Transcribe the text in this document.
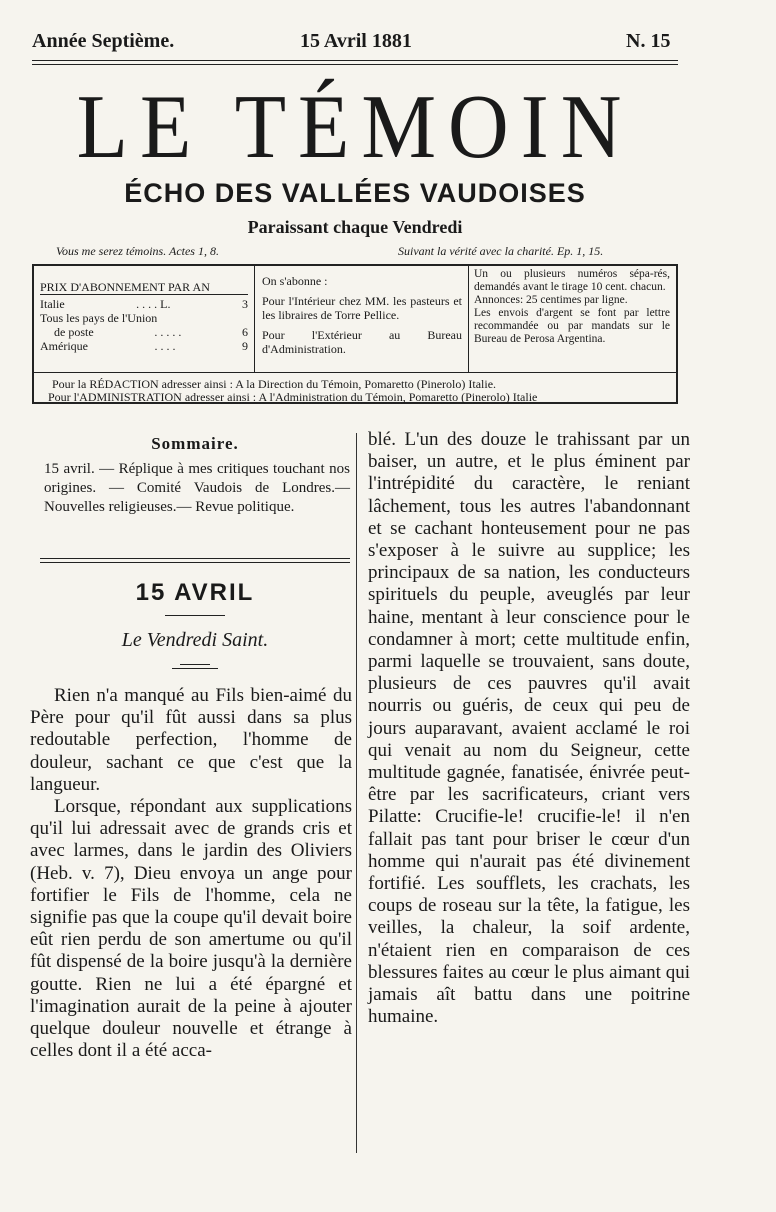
Année Septième.	15 Avril 1881	N. 15
LE TÉMOIN
ÉCHO DES VALLÉES VAUDOISES
Paraissant chaque Vendredi
Vous me serez témoins. Actes 1, 8.	Suivant la vérité avec la charité. Ep. 1, 15.
PRIX D'ABONNEMENT PAR AN
Italie	. . . . L.	3
Tous les pays de l'Union
de poste	. . . . .	6
Amérique	. . . .	9
On s'abonne :
Pour l'Intérieur chez MM. les pasteurs et les libraires de Torre Pellice.
Pour l'Extérieur au Bureau d'Administration.
Un ou plusieurs numéros sépa-rés, demandés avant le tirage 10 cent. chacun.
Annonces: 25 centimes par ligne.
Les envois d'argent se font par lettre recommandée ou par mandats sur le Bureau de Perosa Argentina.
Pour la RÉDACTION adresser ainsi : A la Direction du Témoin, Pomaretto (Pinerolo) Italie.
Pour l'ADMINISTRATION adresser ainsi : A l'Administration du Témoin, Pomaretto (Pinerolo) Italie
Sommaire.
15 avril. — Réplique à mes critiques touchant nos origines. — Comité Vaudois de Londres.— Nouvelles religieuses.— Revue politique.
15 AVRIL
Le Vendredi Saint.

Rien n'a manqué au Fils bien-aimé du Père pour qu'il fût aussi dans sa plus redoutable perfection, l'homme de douleur, sachant ce que c'est que la langueur.

Lorsque, répondant aux supplications qu'il lui adressait avec de grands cris et avec larmes, dans le jardin des Oliviers (Heb. v. 7), Dieu envoya un ange pour fortifier le Fils de l'homme, cela ne signifie pas que la coupe qu'il devait boire eût rien perdu de son amertume ou qu'il fût dispensé de la boire jusqu'à la dernière goutte. Rien ne lui a été épargné et l'imagination aurait de la peine à ajouter quelque douleur nouvelle et étrange à celles dont il a été acca-

blé. L'un des douze le trahissant par un baiser, un autre, et le plus éminent par l'intrépidité du caractère, le reniant lâchement, tous les autres l'abandonnant et se cachant honteusement pour ne pas s'exposer à le suivre au supplice; les principaux de sa nation, les conducteurs spirituels du peuple, aveuglés par leur haine, mentant à leur conscience pour le condamner à mort; cette multitude enfin, parmi laquelle se trouvaient, sans doute, plusieurs de ces pauvres qu'il avait nourris ou guéris, de ceux qui peu de jours auparavant, avaient acclamé le roi qui venait au nom du Seigneur, cette multitude gagnée, fanatisée, énivrée peut-être par les sacrificateurs, criant vers Pilatte: Crucifie-le! crucifie-le! il n'en fallait pas tant pour briser le cœur d'un homme qui n'aurait pas été divinement fortifié. Les soufflets, les crachats, les coups de roseau sur la tête, la fatigue, les veilles, la chaleur, la soif ardente, n'étaient rien en comparaison de ces blessures faites au cœur le plus aimant qui jamais aît battu dans une poitrine humaine.
